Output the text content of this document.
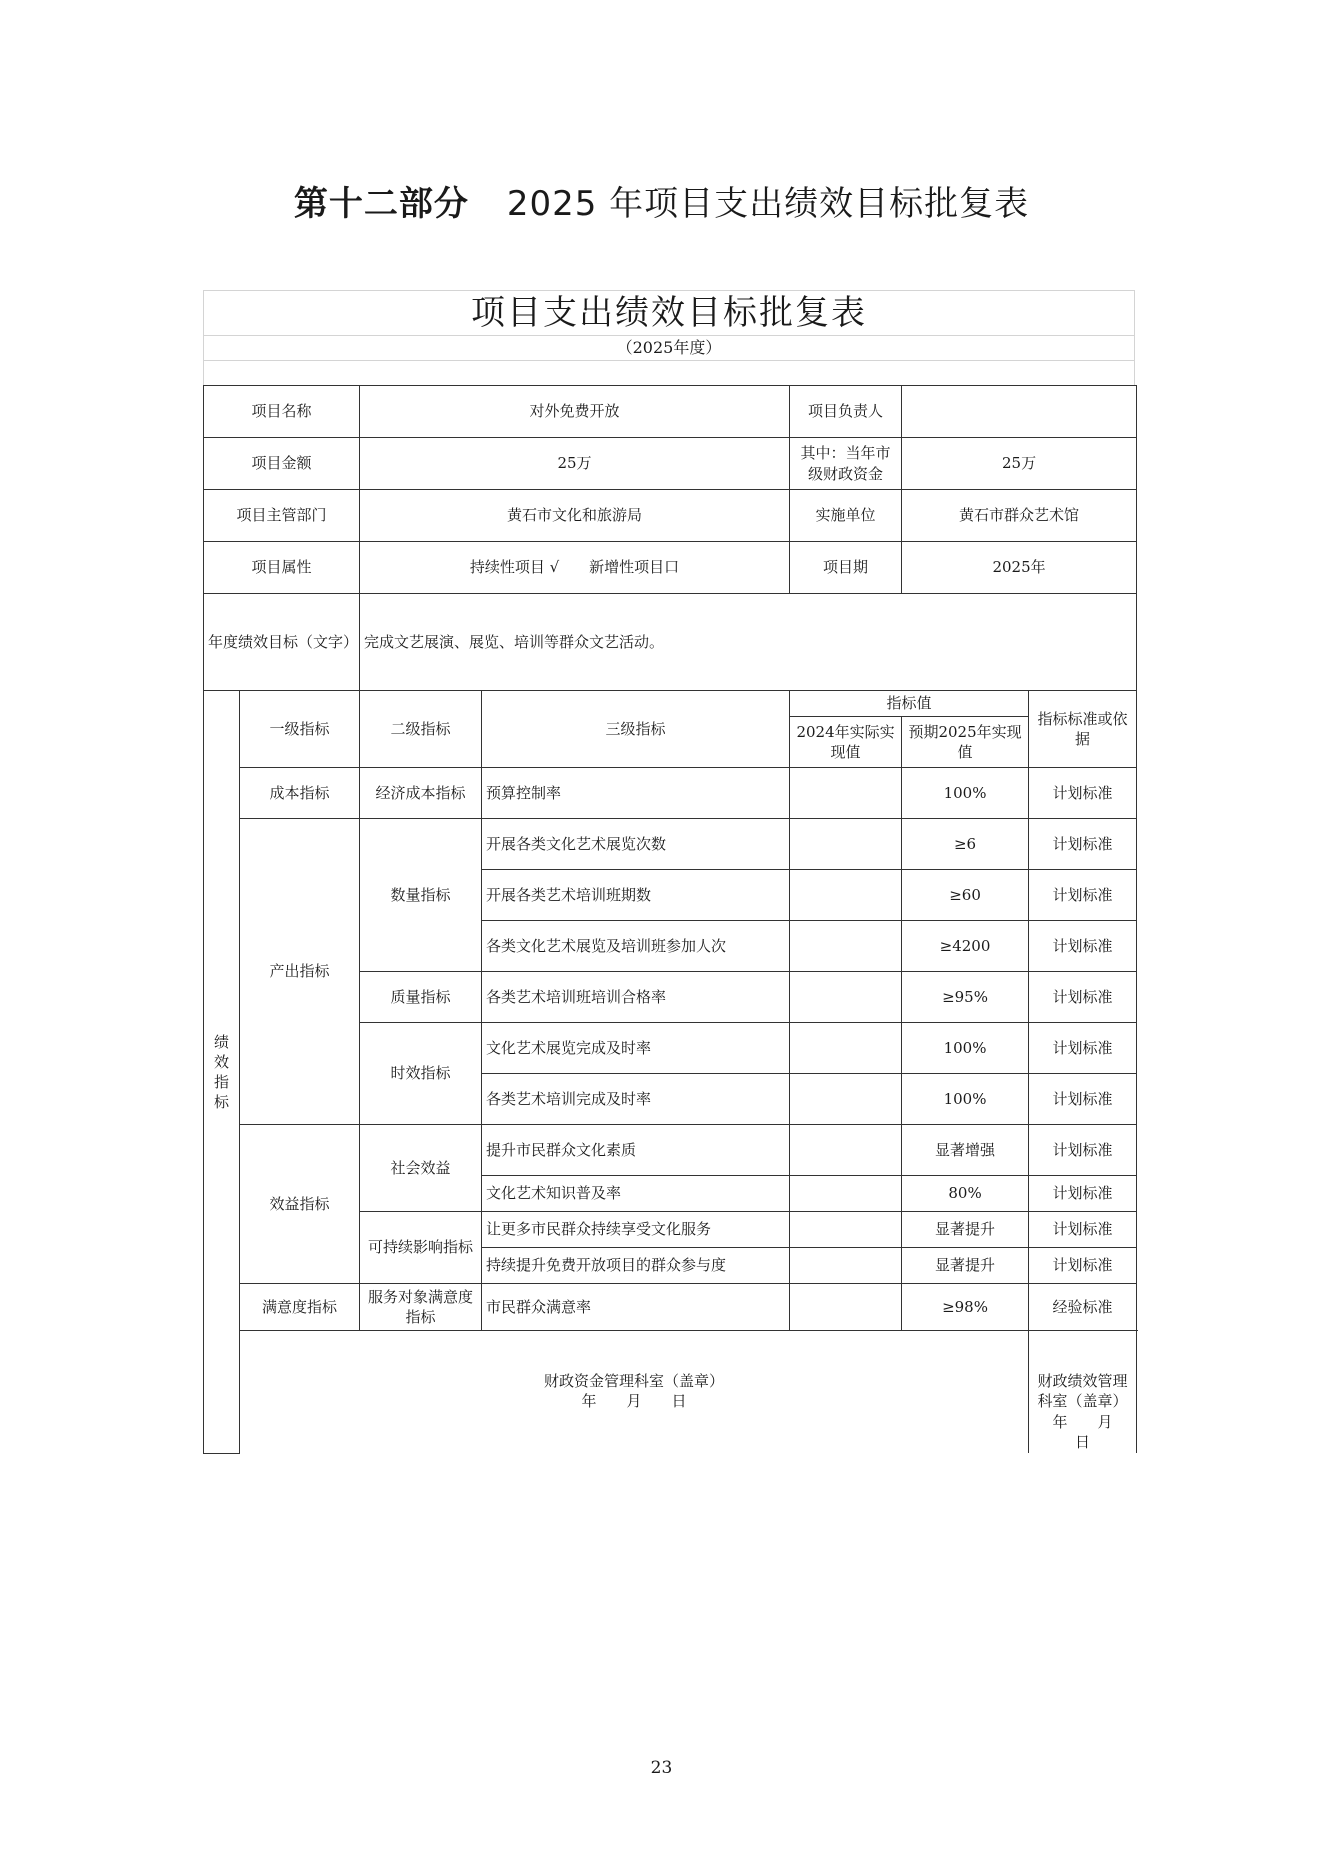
第十二部分 2025 年项目支出绩效目标批复表
项目支出绩效目标批复表
（2025年度）
项目名称		对外免费开放		项目负责人		
项目金额		25万		其中：当年市级财政资金	25万	
项目主管部门		黄石市文化和旅游局		实施单位	黄石市群众艺术馆	
项目属性		持续性项目 √　　新增性项目口		项目期	2025年	
年度绩效目标（文字）		完成文艺展演、展览、培训等群众文艺活动。				
绩效指标	一级指标	二级指标	三级指标	指标值		指标标准或依据
				2024年实际实现值	预期2025年实现值	
	成本指标	经济成本指标	预算控制率		100%	计划标准
	产出指标	数量指标	开展各类文化艺术展览次数		≥6	计划标准
			开展各类艺术培训班期数		≥60	计划标准
			各类文化艺术展览及培训班参加人次		≥4200	计划标准
		质量指标	各类艺术培训班培训合格率		≥95%	计划标准
		时效指标	文化艺术展览完成及时率		100%	计划标准
			各类艺术培训完成及时率		100%	计划标准
	效益指标	社会效益	提升市民群众文化素质		显著增强	计划标准
			文化艺术知识普及率		80%	计划标准
		可持续影响指标	让更多市民群众持续享受文化服务		显著提升	计划标准
			持续提升免费开放项目的群众参与度		显著提升	计划标准
	满意度指标	服务对象满意度指标	市民群众满意率		≥98%	经验标准

	财政资金管理科室（盖章）
年　　月　　日					财政绩效管理科室（盖章）
年　　月　　日
23
